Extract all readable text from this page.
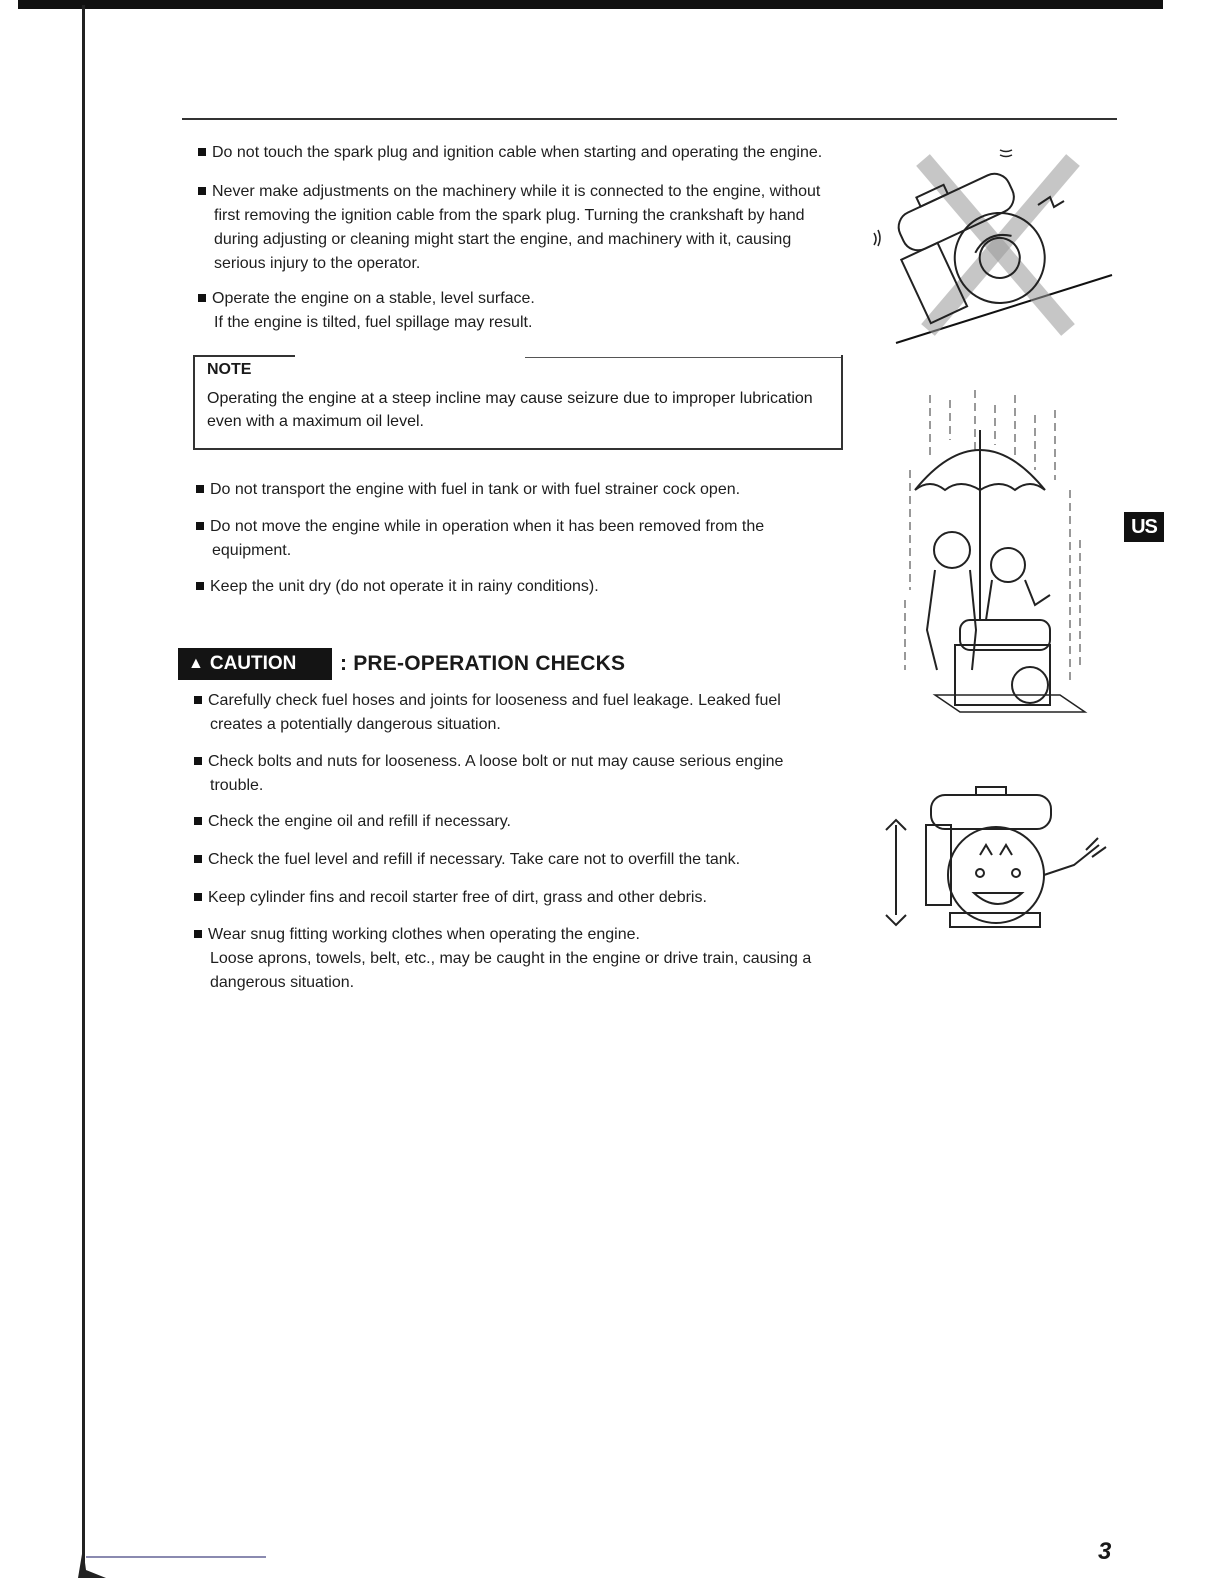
Do not touch the spark plug and ignition cable when starting and operating the engine.
Never make adjustments on the machinery while it is connected to the engine, without
first removing the ignition cable from the spark plug. Turning the crankshaft by hand
during adjusting or cleaning might start the engine, and machinery with it, causing
serious injury to the operator.
Operate the engine on a stable, level surface.
If the engine is tilted, fuel spillage may result.
NOTE
Operating the engine at a steep incline may cause seizure due to improper lubrication
even with a maximum oil level.
Do not transport the engine with fuel in tank or with fuel strainer cock open.
Do not move the engine while in operation when it has been removed from the
equipment.
Keep the unit dry (do not operate it in rainy conditions).
▲ CAUTION : PRE-OPERATION CHECKS
Carefully check fuel hoses and joints for looseness and fuel leakage. Leaked fuel
creates a potentially dangerous situation.
Check bolts and nuts for looseness. A loose bolt or nut may cause serious engine
trouble.
Check the engine oil and refill if necessary.
Check the fuel level and refill if necessary. Take care not to overfill the tank.
Keep cylinder fins and recoil starter free of dirt, grass and other debris.
Wear snug fitting working clothes when operating the engine.
Loose aprons, towels, belt, etc., may be caught in the engine or drive train, causing a
dangerous situation.
US
3
